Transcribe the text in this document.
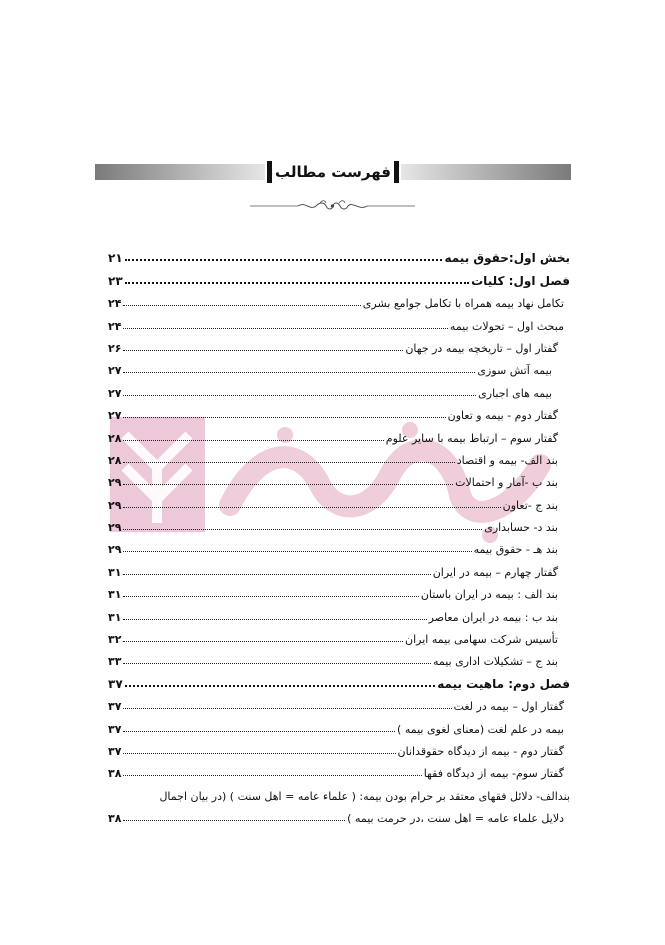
فهرست مطالب
بخش اول:حقوق بیمه
۲۱
فصل اول: کلیات
۲۳
تکامل نهاد بیمه همراه با تکامل جوامع بشری
۲۴
مبحث اول – تحولات بیمه
۲۴
گفتار اول – تاریخچه بیمه در جهان
۲۶
بیمه آتش سوزی
۲۷
بیمه های اجباری
۲۷
گفتار دوم - بیمه و تعاون
۲۷
گفتار سوم – ارتباط بیمه با سایر علوم
۲۸
بند الف- بیمه و اقتصاد
۲۸
بند ب -آمار و احتمالات
۲۹
بند ج -تعاون
۲۹
بند د- حسابداری
۲۹
بند هـ - حقوق بیمه
۲۹
گفتار چهارم – بیمه در ایران
۳۱
بند الف : بیمه در ایران باستان
۳۱
بند ب : بیمه در ایران معاصر
۳۱
تأسیس شرکت سهامی بیمه ایران
۳۲
بند ج – تشکیلات اداری بیمه
۳۳
فصل دوم: ماهیت بیمه
۳۷
گفتار اول – بیمه در لغت
۳۷
بیمه در علم لغت (معنای لغوی بیمه )
۳۷
گفتار دوم - بیمه از دیدگاه حقوقدانان
۳۷
گفتار سوم- بیمه از دیدگاه فقها
۳۸
بندالف- دلائل فقهای معتقد بر حرام بودن بیمه: ( علماء عامه = اهل سنت ) (در بیان اجمال
دلایل علماء عامه = اهل سنت ،در حرمت بیمه )
۳۸
